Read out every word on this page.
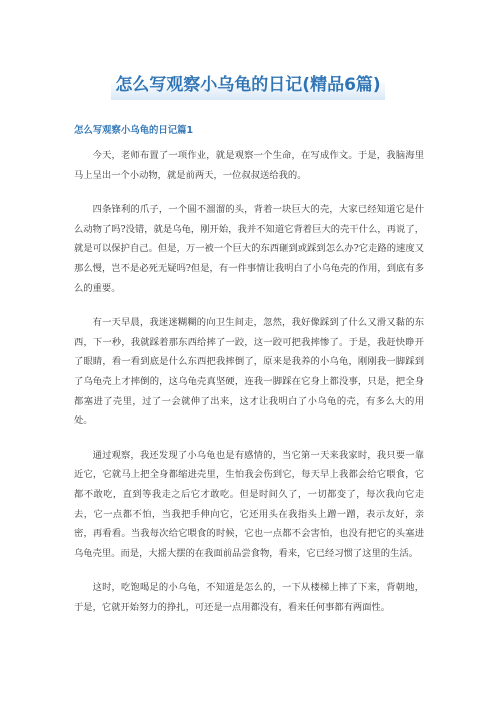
怎么写观察小乌龟的日记(精品6篇)
怎么写观察小乌龟的日记篇1

今天，老师布置了一项作业，就是观察一个生命，在写成作文。于是，我脑海里马上呈出一个小动物，就是前两天，一位叔叔送给我的。

四条锋利的爪子，一个圆不溜溜的头，背着一块巨大的壳，大家已经知道它是什么动物了吗?没错，就是乌龟，刚开始，我并不知道它背着巨大的壳干什么，再说了，就是可以保护自己。但是，万一被一个巨大的东西砸到或踩到怎么办?它走路的速度又那么慢，岂不是必死无疑吗?但是，有一件事情让我明白了小乌龟壳的作用，到底有多么的重要。

有一天早晨，我迷迷糊糊的向卫生间走，忽然，我好像踩到了什么又滑又黏的东西，下一秒，我就踩着那东西给摔了一跤，这一跤可把我摔惨了。于是，我赶快睁开了眼睛，看一看到底是什么东西把我摔倒了，原来是我养的小乌龟，刚刚我一脚踩到了乌龟壳上才摔倒的，这乌龟壳真坚硬，连我一脚踩在它身上都没事，只是，把全身都塞进了壳里，过了一会就伸了出来，这才让我明白了小乌龟的壳，有多么大的用处。

通过观察，我还发现了小乌龟也是有感情的，当它第一天来我家时，我只要一靠近它，它就马上把全身都缩进壳里，生怕我会伤到它，每天早上我都会给它喂食，它都不敢吃，直到等我走之后它才敢吃。但是时间久了，一切都变了，每次我向它走去，它一点都不怕，当我把手伸向它，它还用头在我指头上蹭一蹭，表示友好，亲密，再看看。当我每次给它喂食的时候，它也一点都不会害怕，也没有把它的头塞进乌龟壳里。而是，大摇大摆的在我面前品尝食物，看来，它已经习惯了这里的生活。

这时，吃饱喝足的小乌龟，不知道是怎么的，一下从楼梯上摔了下来，背朝地，于是，它就开始努力的挣扎，可还是一点用都没有，看来任何事都有两面性。
